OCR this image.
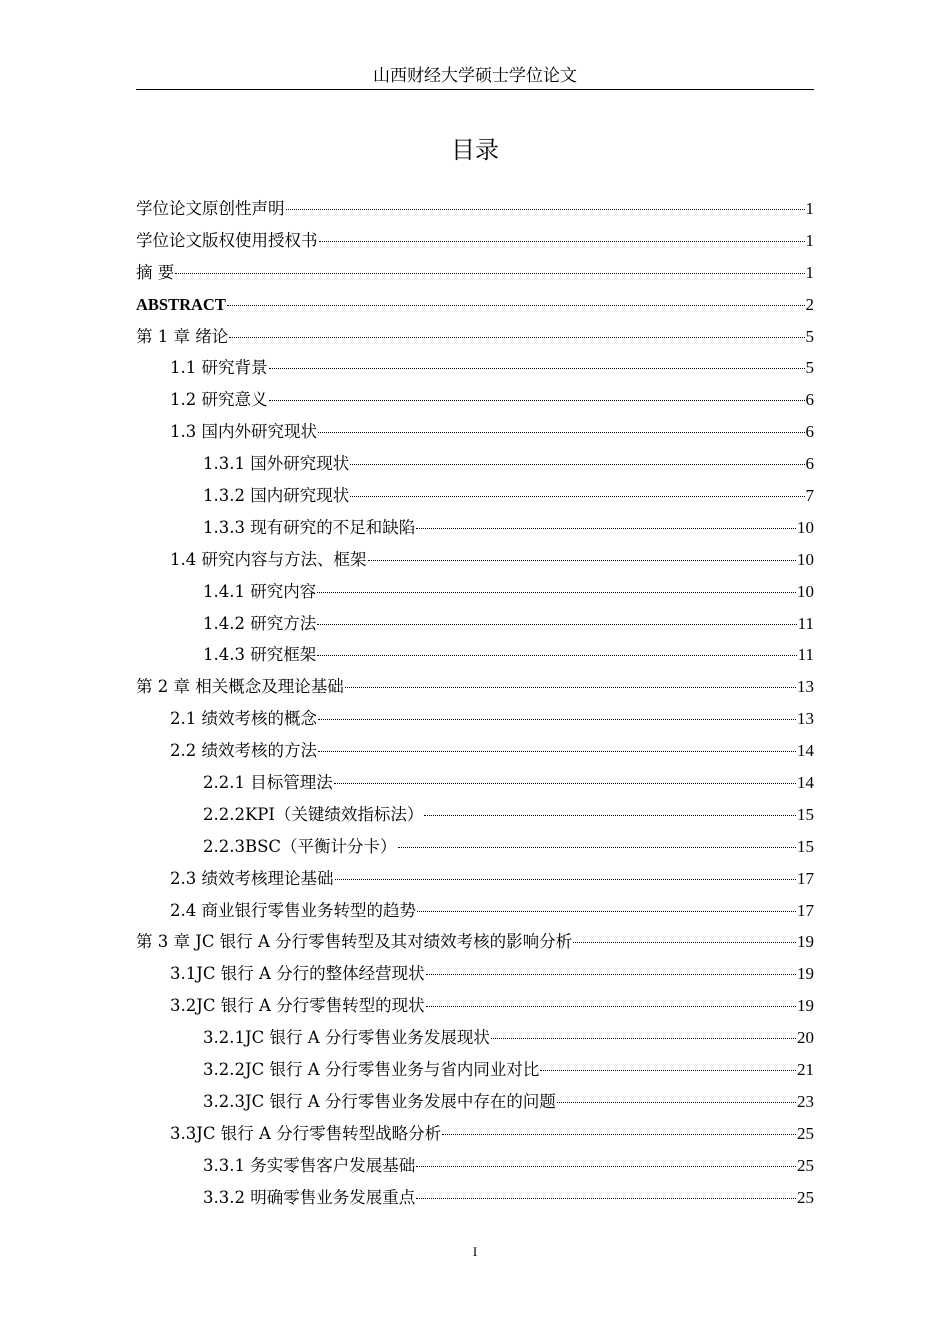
山西财经大学硕士学位论文
目录
学位论文原创性声明	1
学位论文版权使用授权书	1
摘 要	1
ABSTRACT	2
第 1 章 绪论	5
1.1 研究背景	5
1.2 研究意义	6
1.3 国内外研究现状	6
1.3.1 国外研究现状	6
1.3.2 国内研究现状	7
1.3.3 现有研究的不足和缺陷	10
1.4 研究内容与方法、框架	10
1.4.1 研究内容	10
1.4.2 研究方法	11
1.4.3 研究框架	11
第 2 章 相关概念及理论基础	13
2.1 绩效考核的概念	13
2.2 绩效考核的方法	14
2.2.1 目标管理法	14
2.2.2KPI（关键绩效指标法）	15
2.2.3BSC（平衡计分卡）	15
2.3 绩效考核理论基础	17
2.4 商业银行零售业务转型的趋势	17
第 3 章 JC 银行 A 分行零售转型及其对绩效考核的影响分析	19
3.1JC 银行 A 分行的整体经营现状	19
3.2JC 银行 A 分行零售转型的现状	19
3.2.1JC 银行 A 分行零售业务发展现状	20
3.2.2JC 银行 A 分行零售业务与省内同业对比	21
3.2.3JC 银行 A 分行零售业务发展中存在的问题	23
3.3JC 银行 A 分行零售转型战略分析	25
3.3.1 务实零售客户发展基础	25
3.3.2 明确零售业务发展重点	25
I
